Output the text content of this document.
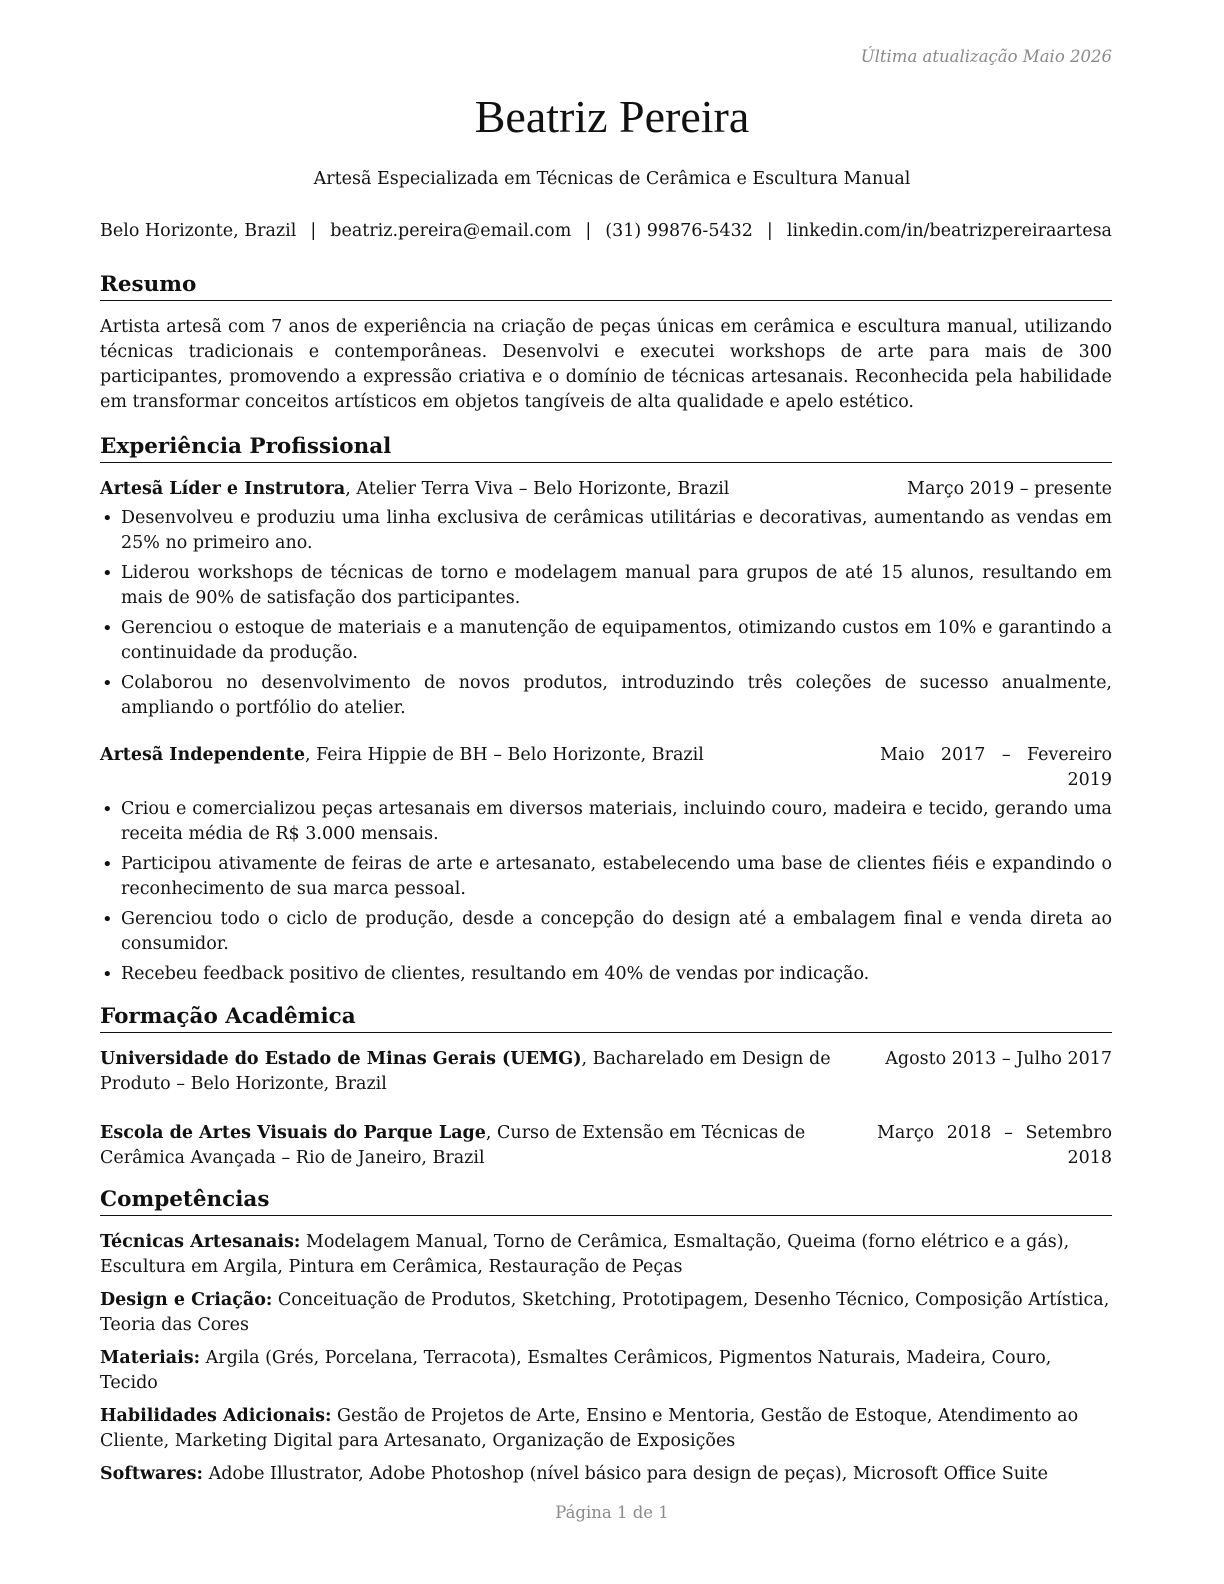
Última atualização Maio 2026
Beatriz Pereira
Artesã Especializada em Técnicas de Cerâmica e Escultura Manual
Belo Horizonte, Brazil | beatriz.pereira@email.com | (31) 99876-5432 | linkedin.com/in/beatrizpereiraartesa
Resumo

Artista artesã com 7 anos de experiência na criação de peças únicas em cerâmica e escultura manual, utilizando técnicas tradicionais e contemporâneas. Desenvolvi e executei workshops de arte para mais de 300 participantes, promovendo a expressão criativa e o domínio de técnicas artesanais. Reconhecida pela habilidade em transformar conceitos artísticos em objetos tangíveis de alta qualidade e apelo estético.

Experiência Profissional
Artesã Líder e Instrutora, Atelier Terra Viva – Belo Horizonte, Brazil	Março 2019 – presente
• Desenvolveu e produziu uma linha exclusiva de cerâmicas utilitárias e decorativas, aumentando as vendas em 25% no primeiro ano.
• Liderou workshops de técnicas de torno e modelagem manual para grupos de até 15 alunos, resultando em mais de 90% de satisfação dos participantes.
• Gerenciou o estoque de materiais e a manutenção de equipamentos, otimizando custos em 10% e garantindo a continuidade da produção.
• Colaborou no desenvolvimento de novos produtos, introduzindo três coleções de sucesso anualmente, ampliando o portfólio do atelier.
Artesã Independente, Feira Hippie de BH – Belo Horizonte, Brazil	Maio 2017 – Fevereiro 2019
• Criou e comercializou peças artesanais em diversos materiais, incluindo couro, madeira e tecido, gerando uma receita média de R$ 3.000 mensais.
• Participou ativamente de feiras de arte e artesanato, estabelecendo uma base de clientes fiéis e expandindo o reconhecimento de sua marca pessoal.
• Gerenciou todo o ciclo de produção, desde a concepção do design até a embalagem final e venda direta ao consumidor.
• Recebeu feedback positivo de clientes, resultando em 40% de vendas por indicação.
Formação Acadêmica
Universidade do Estado de Minas Gerais (UEMG), Bacharelado em Design de Produto – Belo Horizonte, Brazil
Agosto 2013 – Julho 2017
Escola de Artes Visuais do Parque Lage, Curso de Extensão em Técnicas de Cerâmica Avançada – Rio de Janeiro, Brazil
Março 2018 – Setembro 2018
Competências
Técnicas Artesanais: Modelagem Manual, Torno de Cerâmica, Esmaltação, Queima (forno elétrico e a gás), Escultura em Argila, Pintura em Cerâmica, Restauração de Peças
Design e Criação: Conceituação de Produtos, Sketching, Prototipagem, Desenho Técnico, Composição Artística, Teoria das Cores
Materiais: Argila (Grés, Porcelana, Terracota), Esmaltes Cerâmicos, Pigmentos Naturais, Madeira, Couro, Tecido
Habilidades Adicionais: Gestão de Projetos de Arte, Ensino e Mentoria, Gestão de Estoque, Atendimento ao Cliente, Marketing Digital para Artesanato, Organização de Exposições
Softwares: Adobe Illustrator, Adobe Photoshop (nível básico para design de peças), Microsoft Office Suite
Página 1 de 1
